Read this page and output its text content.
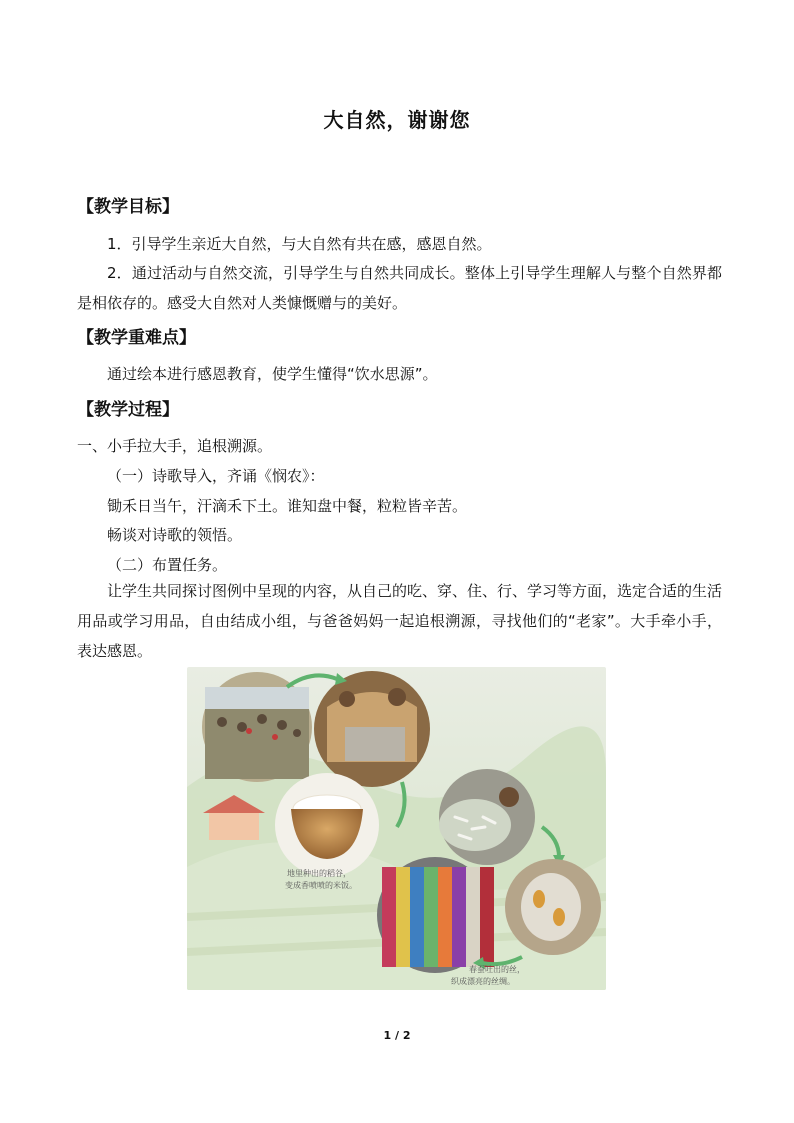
大自然，谢谢您
【教学目标】
1．引导学生亲近大自然，与大自然有共在感，感恩自然。
2．通过活动与自然交流，引导学生与自然共同成长。整体上引导学生理解人与整个自然界都是相依存的。感受大自然对人类慷慨赠与的美好。
【教学重难点】
通过绘本进行感恩教育，使学生懂得“饮水思源”。
【教学过程】
一、小手拉大手，追根溯源。
（一）诗歌导入，齐诵《悯农》：
锄禾日当午，汗滴禾下土。谁知盘中餐，粒粒皆辛苦。
畅谈对诗歌的领悟。
（二）布置任务。
让学生共同探讨图例中呈现的内容，从自己的吃、穿、住、行、学习等方面，选定合适的生活用品或学习用品，自由结成小组，与爸爸妈妈一起追根溯源，寻找他们的“老家”。大手牵小手，表达感恩。
地里种出的稻谷，
变成香喷喷的米饭。
春蚕吐出的丝，
织成漂亮的丝绸。
1 / 2
